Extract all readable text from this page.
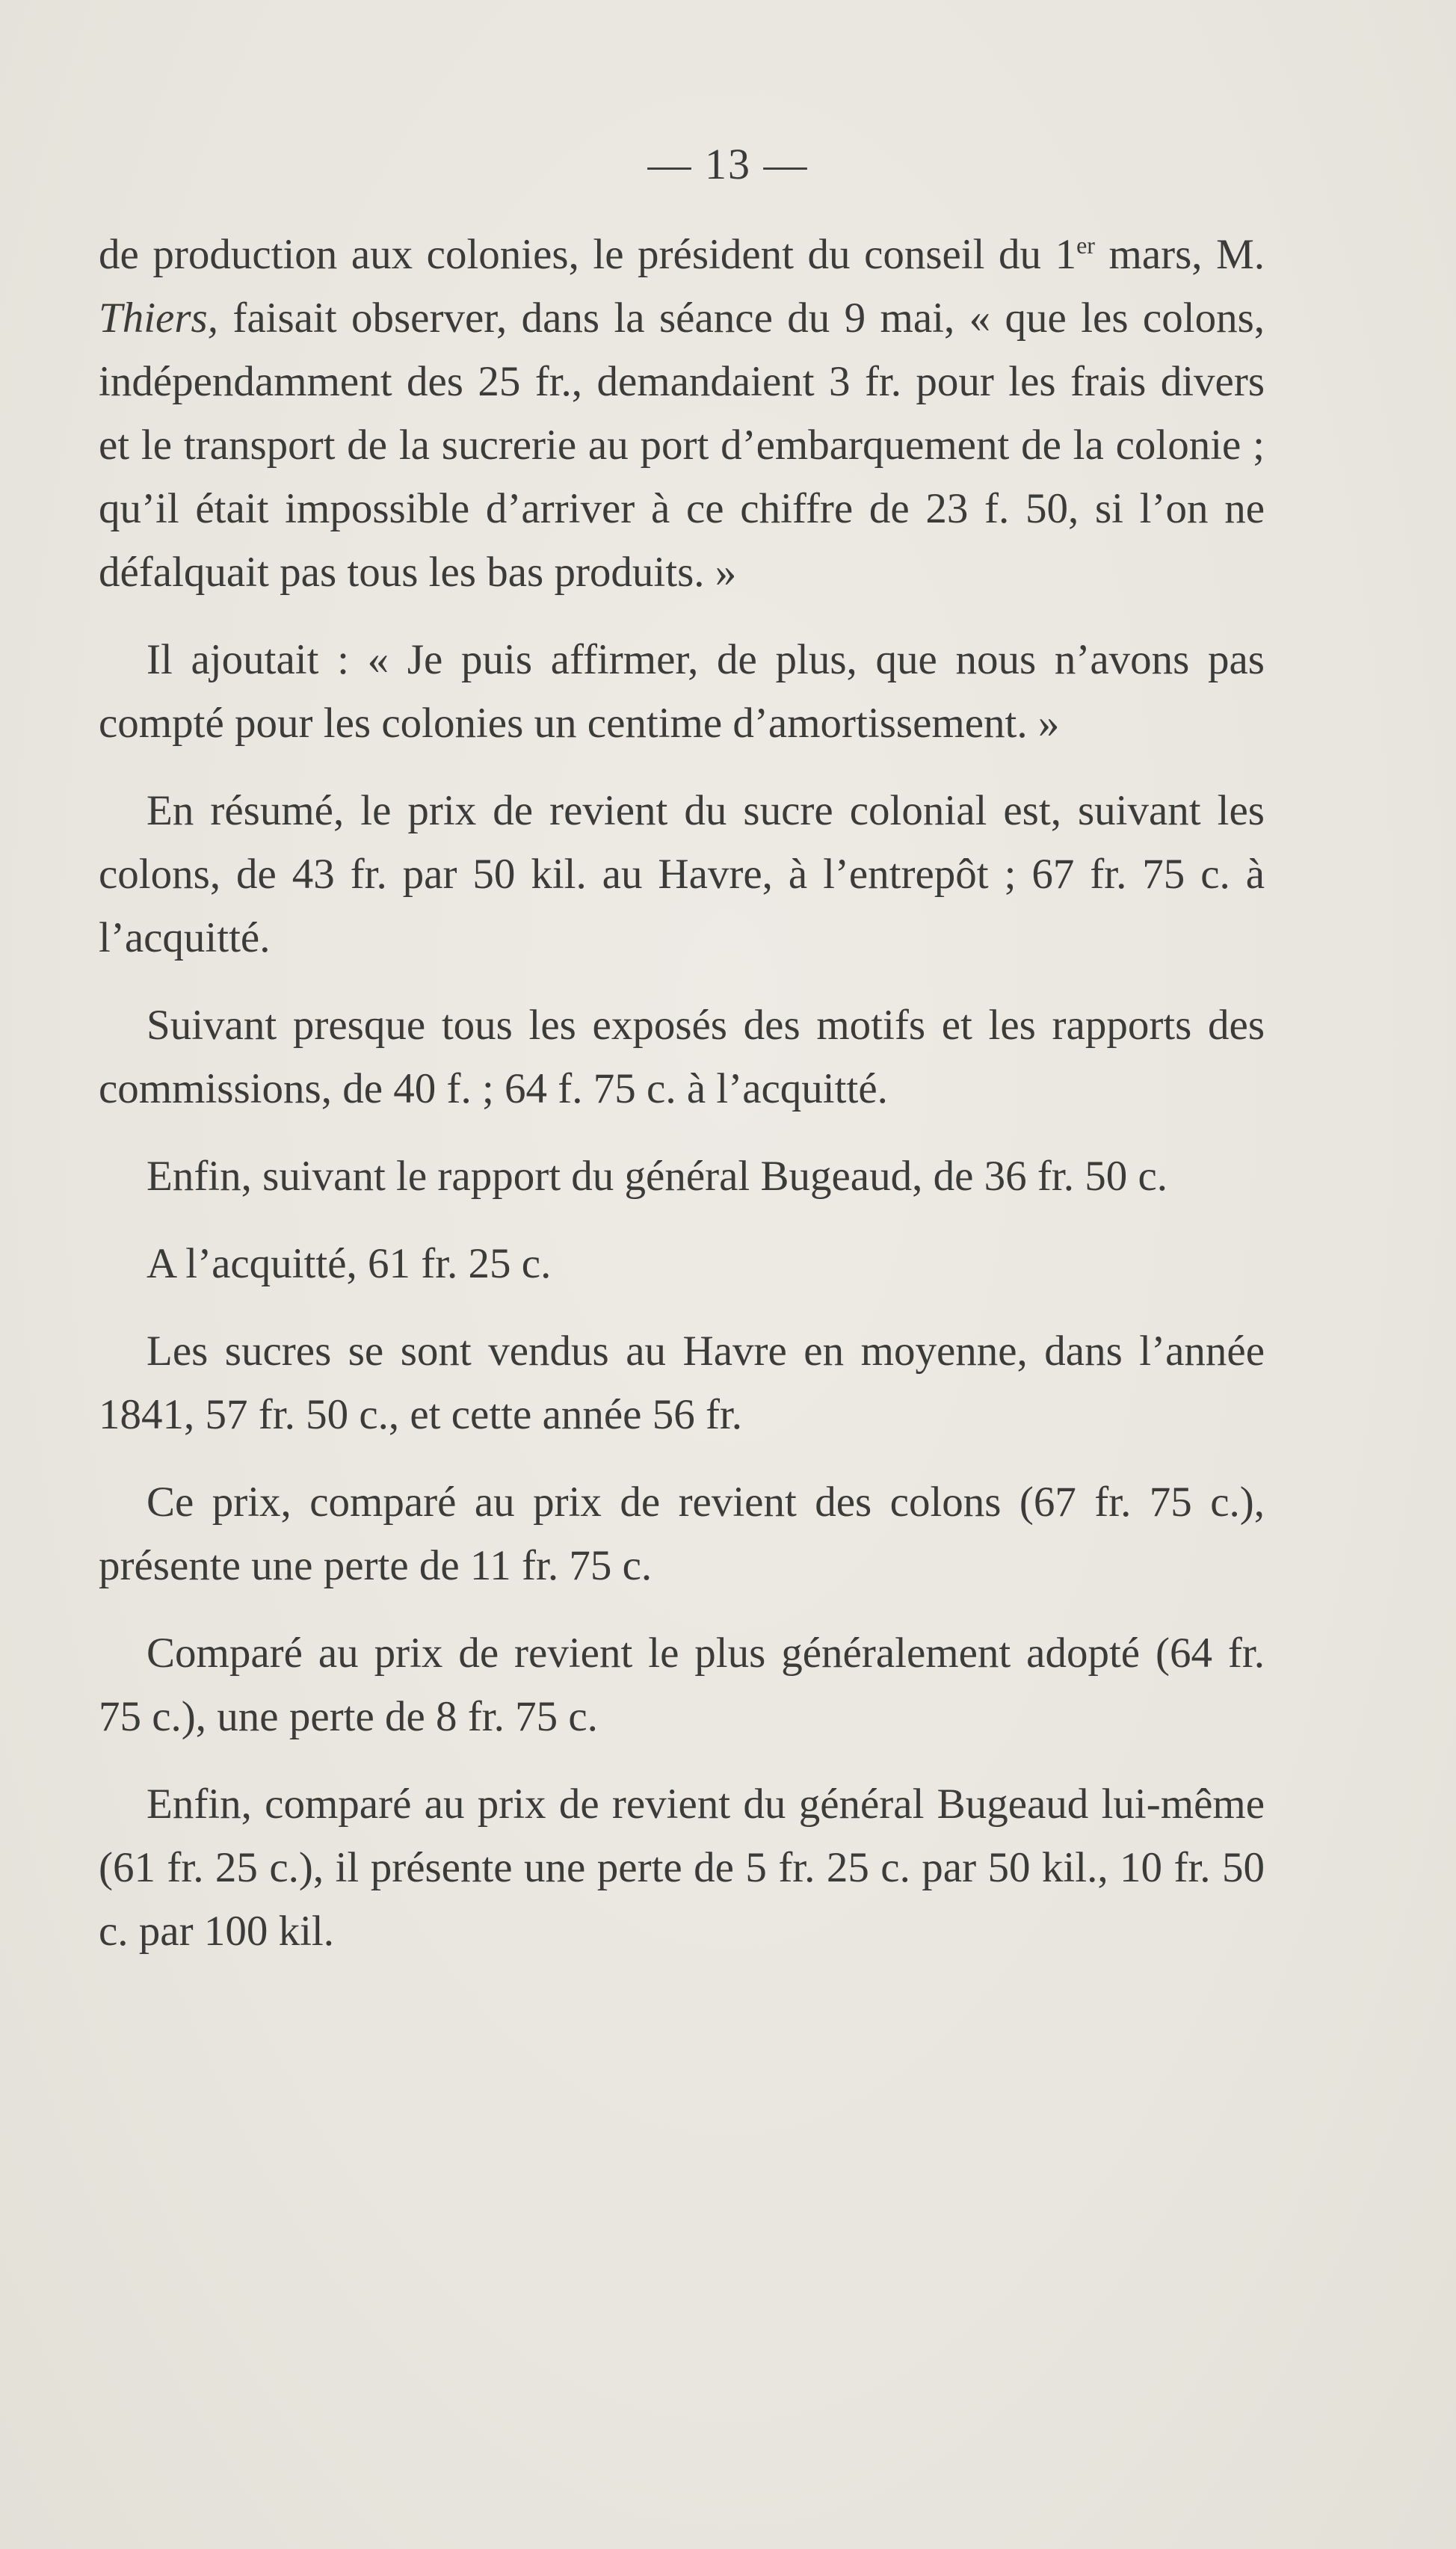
— 13 —

de production aux colonies, le président du conseil du 1er mars, M. Thiers, faisait observer, dans la séance du 9 mai, « que les colons, indépendamment des 25 fr., demandaient 3 fr. pour les frais divers et le transport de la sucrerie au port d’embarquement de la colonie ; qu’il était impossible d’arriver à ce chiffre de 23 f. 50, si l’on ne défalquait pas tous les bas produits. »

Il ajoutait : « Je puis affirmer, de plus, que nous n’avons pas compté pour les colonies un centime d’amortissement. »

En résumé, le prix de revient du sucre colonial est, suivant les colons, de 43 fr. par 50 kil. au Havre, à l’entrepôt ; 67 fr. 75 c. à l’acquitté.

Suivant presque tous les exposés des motifs et les rapports des commissions, de 40 f. ; 64 f. 75 c. à l’acquitté.

Enfin, suivant le rapport du général Bugeaud, de 36 fr. 50 c.

A l’acquitté, 61 fr. 25 c.

Les sucres se sont vendus au Havre en moyenne, dans l’année 1841, 57 fr. 50 c., et cette année 56 fr.

Ce prix, comparé au prix de revient des colons (67 fr. 75 c.), présente une perte de 11 fr. 75 c.

Comparé au prix de revient le plus généralement adopté (64 fr. 75 c.), une perte de 8 fr. 75 c.

Enfin, comparé au prix de revient du général Bugeaud lui-même (61 fr. 25 c.), il présente une perte de 5 fr. 25 c. par 50 kil., 10 fr. 50 c. par 100 kil.
